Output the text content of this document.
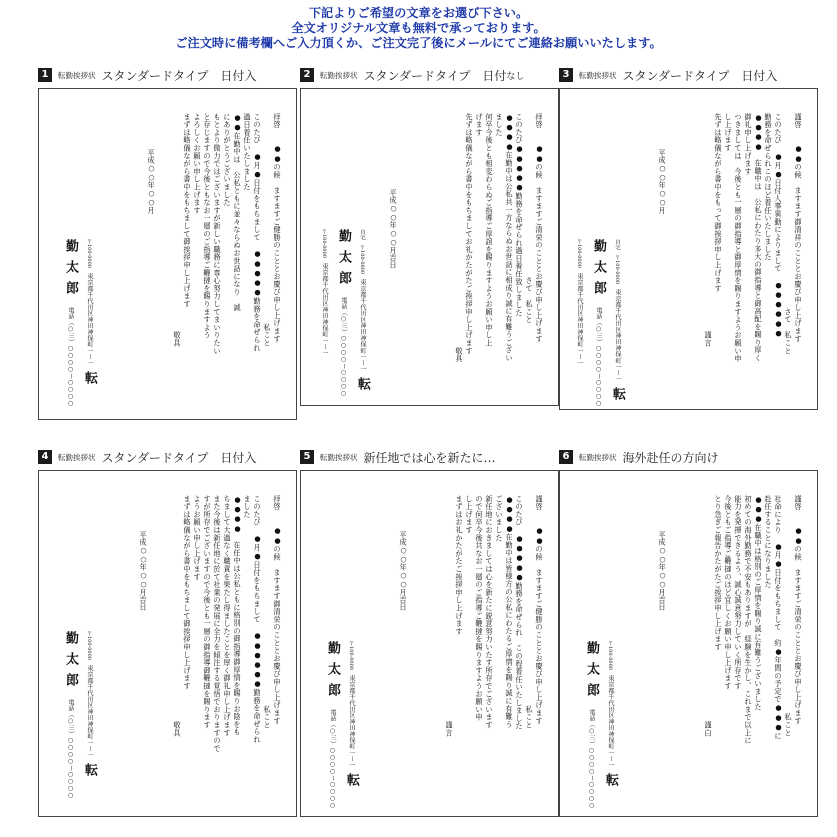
下記よりご希望の文章をお選び下さい。
全文オリジナル文章も無料で承っております。
ご注文時に備考欄へご入力頂くか、ご注文完了後にメールにてご連絡お願いいたします。
1	転勤挨拶状 スタンダードタイプ　日付入
拝啓　　●●の候　ますますご健勝のこととお慶び申し上げます
　　　　　　　　　　　　　　　　　　　　　　　　　　　私こと
このたび　●月●日付をもちまして　●●●●●勤務を命ぜられ
過日着任いたしました　　　　　　　　　　　　　　　　　　
●●在勤中は　公私ともに並々ならぬお世話になり　誠
にありがとうございました
もとより微力ではございますが新しい職務に専心努力してまいりたい
と存じますので今後ともなお一層のご指導ご鞭撻を賜りますよう
よろしくお願い申し上げます
まずは略儀ながら書中をもちまして御挨拶申し上げます
　　　　　　　　　　　　　　　　　　　　　　　　　　　　敬具
平成○○年○○月
〒100-0000 東京都千代田区神田神保町一ー一 転勤太郎 電話（○三）○○○○ー○○○○
2	転勤挨拶状 スタンダードタイプ　日付 なし
拝啓　　●●の候　ますますご清栄のこととお慶び申し上げます
　　　　　　　　　　　　　　　　　　　　　さて　私こと
このたび●●●●●勤務を命ぜられ過日着任致しました
●●●●在勤中は公私共一方ならぬお世話に相成り誠に有難うござい
ました
何卒今後とも相変わらぬご指導ご厚誼を賜りますようお願い申し上
げます
先ずは略儀ながら書中をもちましてお礼かたがたご挨拶申し上げます
　　　　　　　　　　　　　　　　　　　　　　　　　　　　　　敬具
平成○○年○○月吉日
自宅 〒100-0000 東京都千代田区神田神保町一ー一 転勤太郎 電話（○三）○○○○ー○○○○ 〒100-0000 東京都千代田区神田神保町一ー一
3	転勤挨拶状 スタンダードタイプ　日付入
謹啓　　●●の候　ますます御清祥のこととお慶び申し上げます
　　　　　　　　　　　　　　　　　　　　　　　　　さて　私こと
このたび　●月●日付人事異動によりまして　●●●●●●
勤務を命ぜられこのほど着任いたしました
●●●●　在職中は　公私にわたり多大の御指導と御高配を賜り厚く
御礼申し上げます
つきましては　今後とも一層の御指導と御厚情を賜りますようお願い申
し上げます
先ずは略儀ながら書中をもって御挨拶申し上げます
　　　　　　　　　　　　　　　　　　　　　　　　　　　　謹言
平成○○年○○月
自宅 〒100-0000 東京都千代田区神田神保町一ー一 転勤太郎 電話（○三）○○○○ー○○○○ 〒100-0000 東京都千代田区神田神保町一ー一
4	転勤挨拶状 スタンダードタイプ　日付入
拝啓　　●●の候　ますます御清栄のこととお慶び申し上げます
　　　　　　　　　　　　　　　　　　　　　　　　　　　私こと
このたび　●月●日付をもちまして　●●●●●●勤務を命ぜられ
ました
●●●●　在任中は公私ともに格別の御指導御厚情を賜りお陰をも
ちまして大過なく職責を果たし得ましたことを厚く御礼申し上げます
また今後は新任地に於て社業の発展に全力を傾注する覚悟でおりますので
すが所存でございますので今後とも一層の御指導御鞭撻を賜ります
ようお願い申し上げます
まずは略儀ながら書中をもちまして御挨拶申し上げます
　　　　　　　　　　　　　　　　　　　　　　　　　　　　　敬具
平成○○年○○月吉日
〒100-0000 東京都千代田区神田神保町一ー一 転勤太郎 電話（○三）○○○○ー○○○○
5	転勤挨拶状 新任地では心を新たに…
謹啓　　●●の候　ますますご健勝のこととお慶び申し上げます
　　　　　　　　　　　　　　　　　　　　　　　　　　　私こと
このたび　●●●●●勤務を命ぜられ　この程着任いたしました
●●●●在勤中は皆様方の公私にわたるご厚情を賜り誠に有難う
ございました
新任地におきましては心を新たに鋭意努力いたす所存でございます
ので何卒今後共なお一層のご指導ご鞭撻を賜りますようお願い申
し上げます
まずはお礼かたがたご挨拶申し上げます
　　　　　　　　　　　　　　　　　　　　　　　　　　　　　謹言
平成○○年○○月吉日
〒100-0000 東京都千代田区神田神保町一ー一 転勤太郎 電話（○三）○○○○ー○○○○
6	転勤挨拶状 海外赴任の方向け
謹啓　　●●の候　ますますご清栄のこととお慶び申し上げます
　　　　　　　　　　　　　　　　　　　　　　　　　　　　私こと
社命により　●月●日付をもちまして　約●年間の予定で●●●に
赴任することになりました
●●●在職中は格別のご厚情を賜り誠に有難うございました
初めての海外勤務で不安もありますが　経験を生かし、これまで以上に
能力を発揮できるよう、誠心誠意努力していく所存です
今後ともご指導ご鞭撻のほど宜しくお願い申し上げます
とり急ぎご報告かたがたご挨拶申し上げます
　　　　　　　　　　　　　　　　　　　　　　　　　　　　　謹白
平成○○年○○月吉日
〒100-0000 東京都千代田区神田神保町一ー一 転勤太郎 電話（○三）○○○○ー○○○○
